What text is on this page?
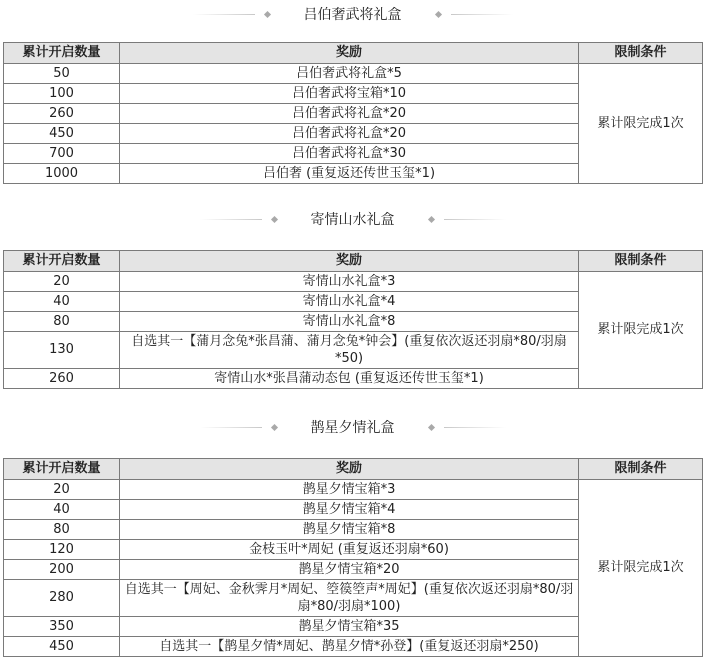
吕伯奢武将礼盒
累计开启数量	奖励	限制条件
50	吕伯奢武将礼盒*5	累计限完成1次
100	吕伯奢武将宝箱*10	
260	吕伯奢武将礼盒*20	
450	吕伯奢武将礼盒*20	
700	吕伯奢武将礼盒*30	
1000	吕伯奢 (重复返还传世玉玺*1)	
寄情山水礼盒
累计开启数量	奖励	限制条件
20	寄情山水礼盒*3	累计限完成1次
40	寄情山水礼盒*4	
80	寄情山水礼盒*8	
130	自选其一【蒲月念兔*张昌蒲、蒲月念兔*钟会】(重复依次返还羽扇*80/羽扇*50)	
260	寄情山水*张昌蒲动态包 (重复返还传世玉玺*1)	
鹊星夕情礼盒
累计开启数量	奖励	限制条件
20	鹊星夕情宝箱*3	累计限完成1次
40	鹊星夕情宝箱*4	
80	鹊星夕情宝箱*8	
120	金枝玉叶*周妃 (重复返还羽扇*60)	
200	鹊星夕情宝箱*20	
280	自选其一【周妃、金秋霁月*周妃、箜篌箜声*周妃】(重复依次返还羽扇*80/羽扇*80/羽扇*100)	
350	鹊星夕情宝箱*35	
450	自选其一【鹊星夕情*周妃、鹊星夕情*孙登】(重复返还羽扇*250)	
